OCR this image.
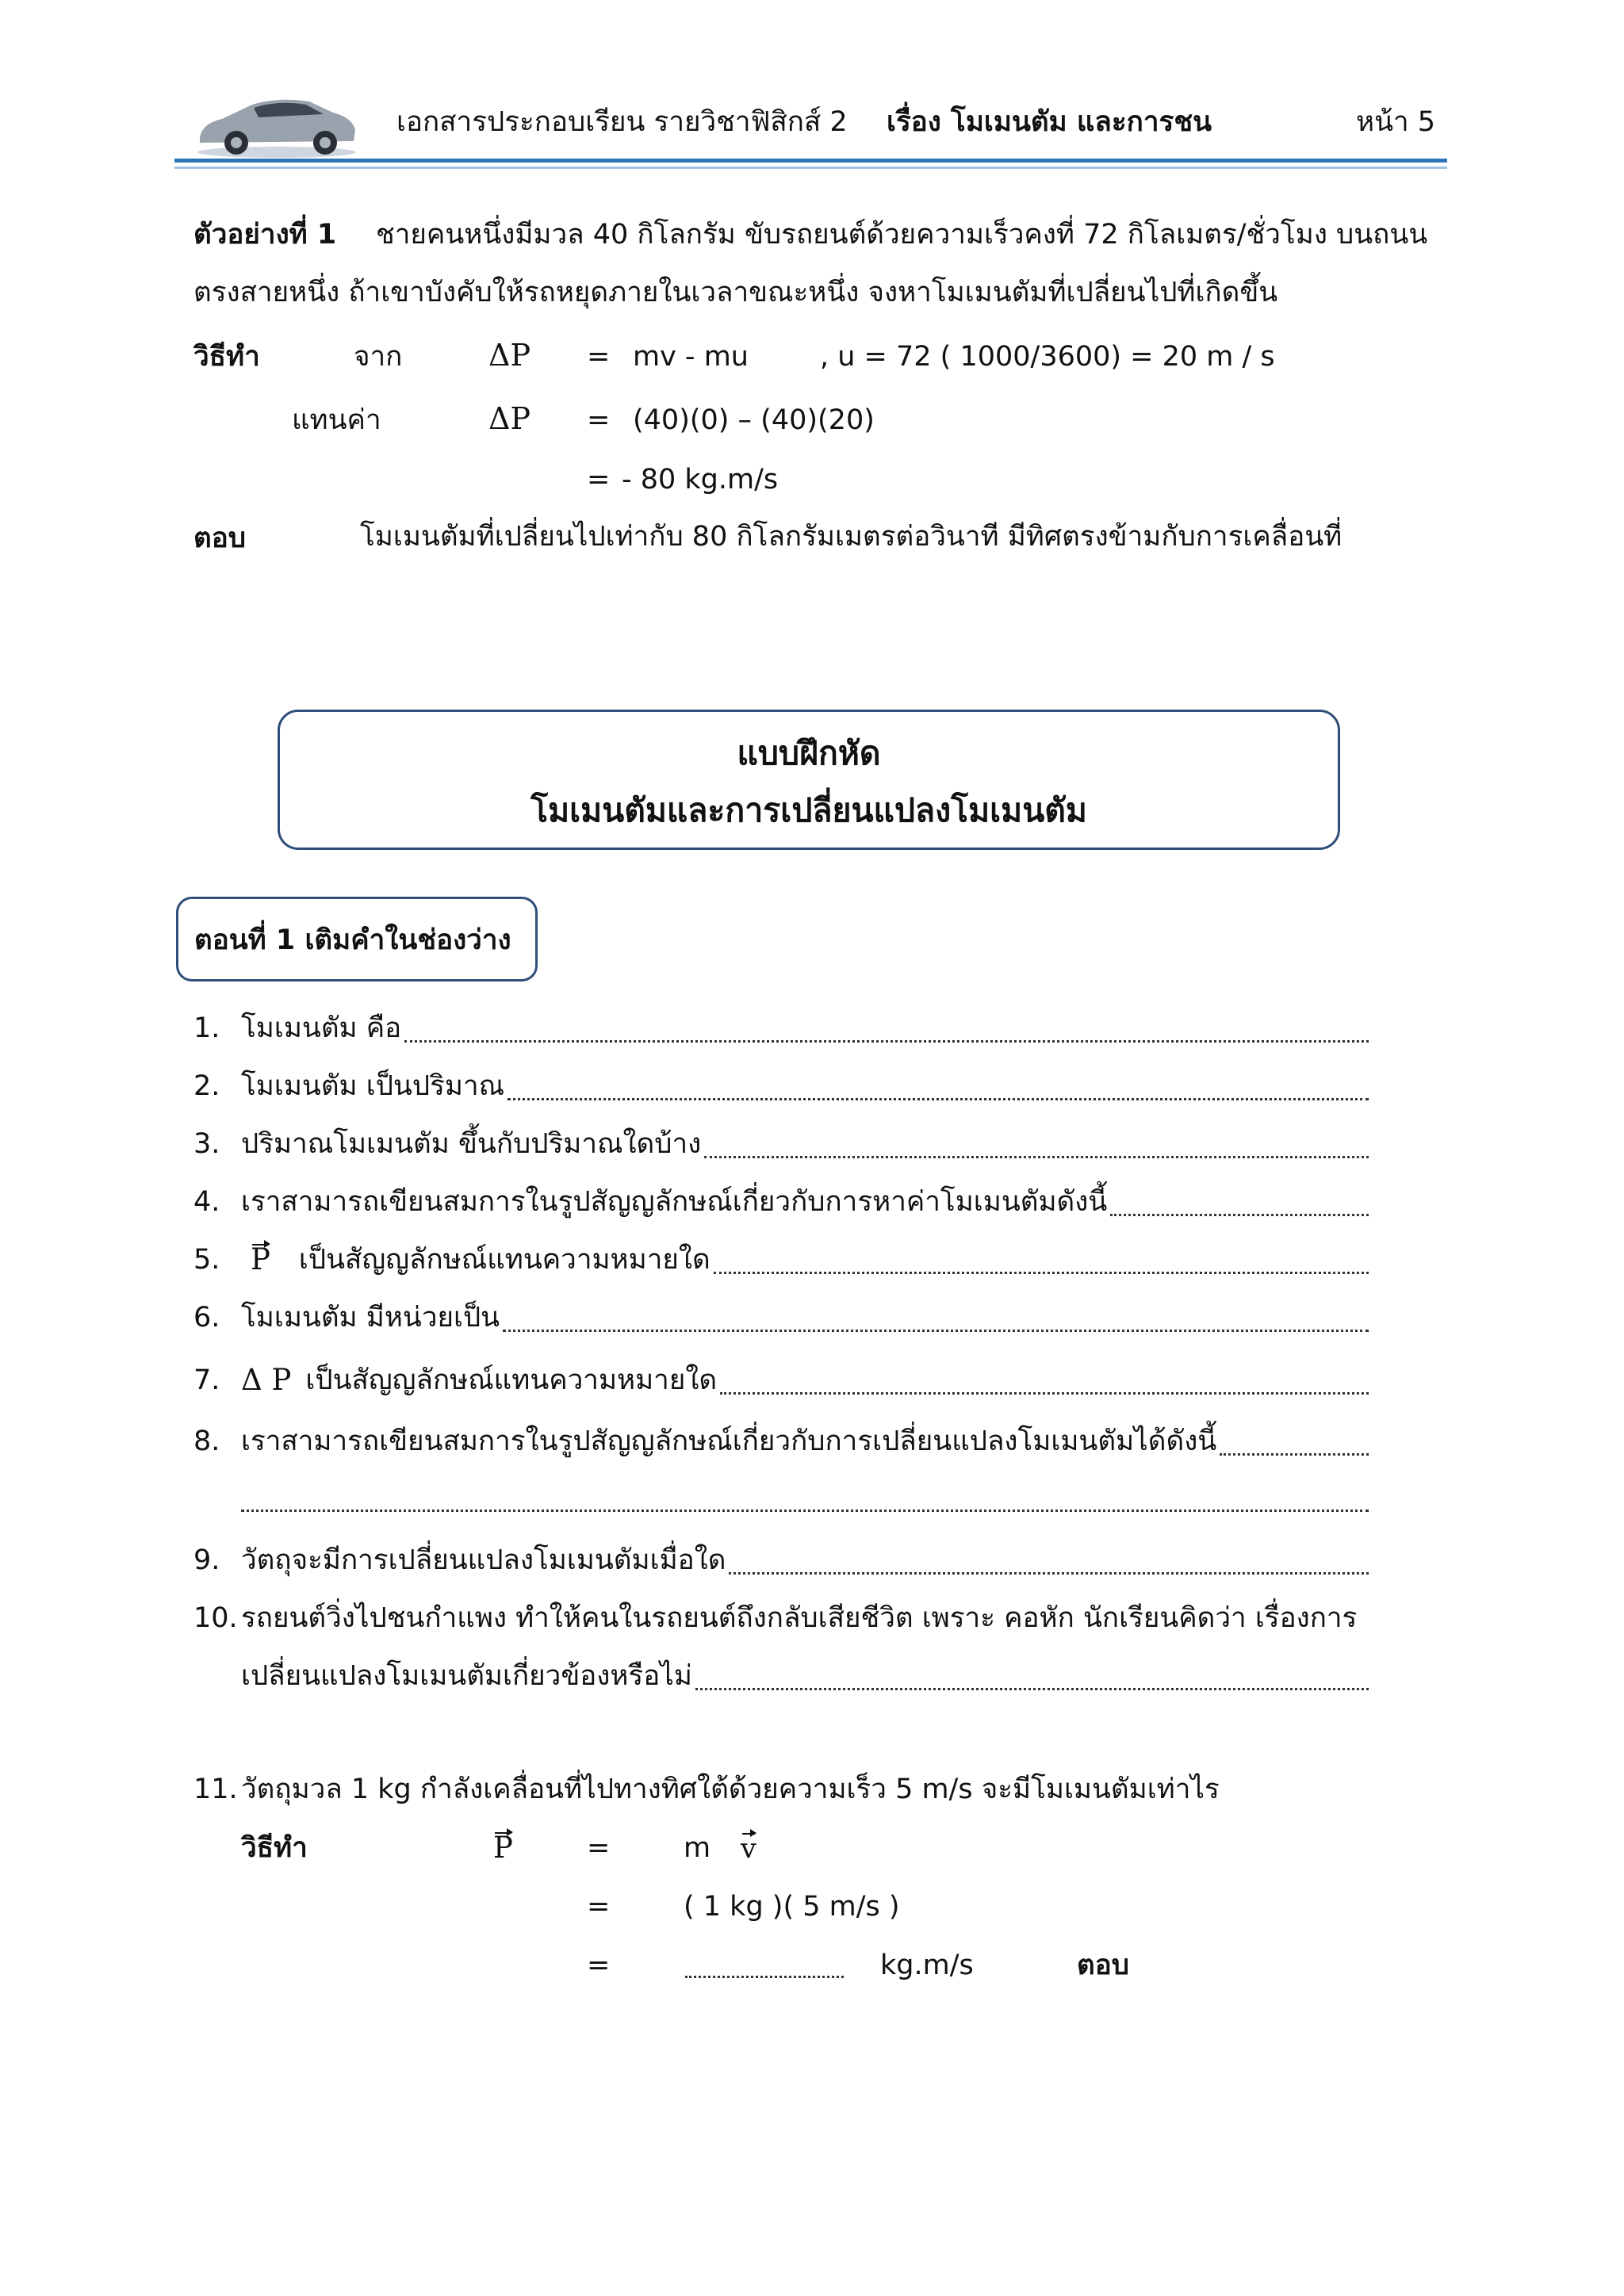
เอกสารประกอบเรียน รายวิชาฟิสิกส์ 2 เรื่อง โมเมนตัม และการชน	หน้า 5
ตัวอย่างที่ 1 ชายคนหนึ่งมีมวล 40 กิโลกรัม ขับรถยนต์ด้วยความเร็วคงที่ 72 กิโลเมตร/ชั่วโมง บนถนน
ตรงสายหนึ่ง ถ้าเขาบังคับให้รถหยุดภายในเวลาขณะหนึ่ง จงหาโมเมนตัมที่เปลี่ยนไปที่เกิดขึ้น
วิธีทำ	จาก	ΔP = mv - mu	, u = 72 ( 1000/3600) = 20 m / s
แทนค่า	ΔP = (40)(0) – (40)(20)
= - 80 kg.m/s
ตอบ	โมเมนตัมที่เปลี่ยนไปเท่ากับ 80 กิโลกรัมเมตรต่อวินาที มีทิศตรงข้ามกับการเคลื่อนที่
แบบฝึกหัด
โมเมนตัมและการเปลี่ยนแปลงโมเมนตัม
ตอนที่ 1 เติมคำในช่องว่าง
1. โมเมนตัม คือ
2. โมเมนตัม เป็นปริมาณ
3. ปริมาณโมเมนตัม ขึ้นกับปริมาณใดบ้าง
4. เราสามารถเขียนสมการในรูปสัญญลักษณ์เกี่ยวกับการหาค่าโมเมนตัมดังนี้
5. P เป็นสัญญลักษณ์แทนความหมายใด
6. โมเมนตัม มีหน่วยเป็น
7. Δ P เป็นสัญญลักษณ์แทนความหมายใด
8. เราสามารถเขียนสมการในรูปสัญญลักษณ์เกี่ยวกับการเปลี่ยนแปลงโมเมนตัมได้ดังนี้
9. วัตถุจะมีการเปลี่ยนแปลงโมเมนตัมเมื่อใด
10. รถยนต์วิ่งไปชนกำแพง ทำให้คนในรถยนต์ถึงกลับเสียชีวิต เพราะ คอหัก นักเรียนคิดว่า เรื่องการ
เปลี่ยนแปลงโมเมนตัมเกี่ยวข้องหรือไม่
11. วัตถุมวล 1 kg กำลังเคลื่อนที่ไปทางทิศใต้ด้วยความเร็ว 5 m/s จะมีโมเมนตัมเท่าไร
วิธีทำ	P	=	m v
=	( 1 kg )( 5 m/s )
=	kg.m/s	ตอบ
